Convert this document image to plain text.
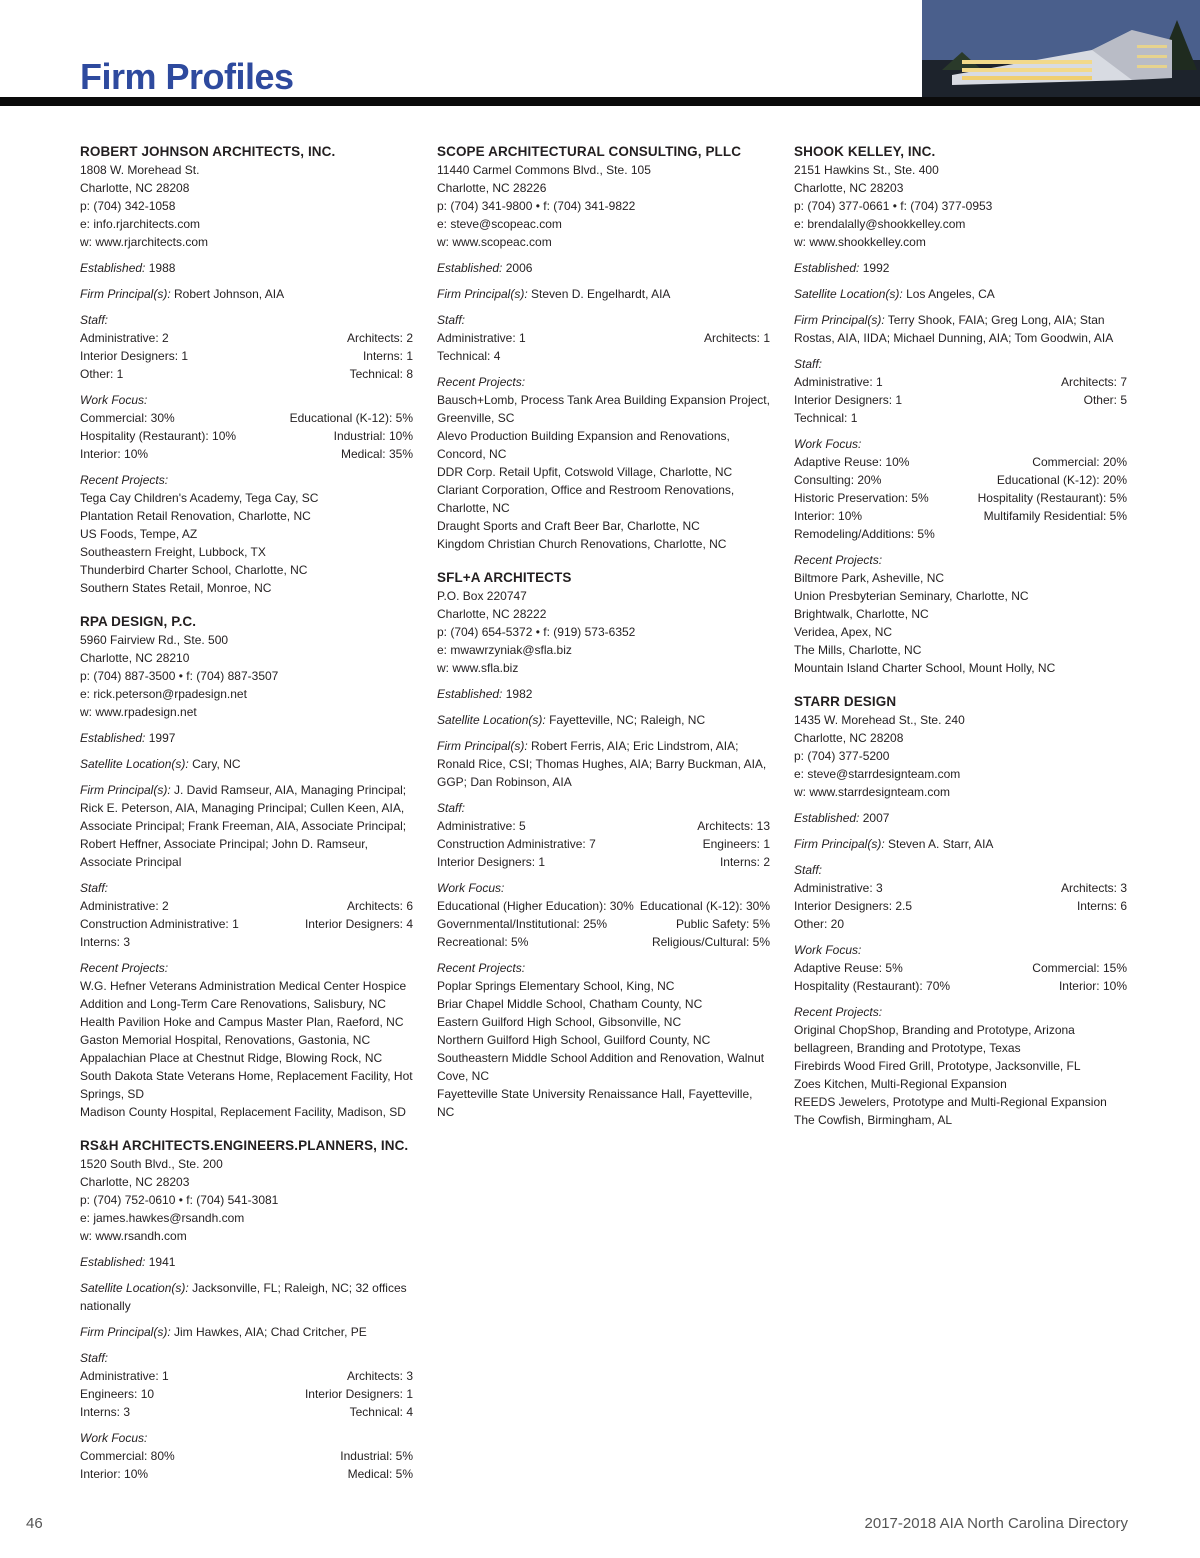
Firm Profiles
ROBERT JOHNSON ARCHITECTS, INC.
1808 W. Morehead St.
Charlotte, NC 28208
p: (704) 342-1058
e: info.rjarchitects.com
w: www.rjarchitects.com
Established: 1988
Firm Principal(s): Robert Johnson, AIA
Staff:
Administrative: 2	Architects: 2
Interior Designers: 1	Interns: 1
Other: 1	Technical: 8
Work Focus:
Commercial: 30%	Educational (K-12): 5%
Hospitality (Restaurant): 10%	Industrial: 10%
Interior: 10%	Medical: 35%
Recent Projects:
Tega Cay Children's Academy, Tega Cay, SC
Plantation Retail Renovation, Charlotte, NC
US Foods, Tempe, AZ
Southeastern Freight, Lubbock, TX
Thunderbird Charter School, Charlotte, NC
Southern States Retail, Monroe, NC
RPA DESIGN, P.C.
5960 Fairview Rd., Ste. 500
Charlotte, NC 28210
p: (704) 887-3500 • f: (704) 887-3507
e: rick.peterson@rpadesign.net
w: www.rpadesign.net
Established: 1997
Satellite Location(s): Cary, NC
Firm Principal(s): J. David Ramseur, AIA, Managing Principal; Rick E. Peterson, AIA, Managing Principal; Cullen Keen, AIA, Associate Principal; Frank Freeman, AIA, Associate Principal; Robert Heffner, Associate Principal; John D. Ramseur, Associate Principal
Staff:
Administrative: 2	Architects: 6
Construction Administrative: 1	Interior Designers: 4
Interns: 3
Recent Projects:
W.G. Hefner Veterans Administration Medical Center Hospice Addition and Long-Term Care Renovations, Salisbury, NC
Health Pavilion Hoke and Campus Master Plan, Raeford, NC
Gaston Memorial Hospital, Renovations, Gastonia, NC
Appalachian Place at Chestnut Ridge, Blowing Rock, NC
South Dakota State Veterans Home, Replacement Facility, Hot Springs, SD
Madison County Hospital, Replacement Facility, Madison, SD
RS&H ARCHITECTS.ENGINEERS.PLANNERS, INC.
1520 South Blvd., Ste. 200
Charlotte, NC 28203
p: (704) 752-0610 • f: (704) 541-3081
e: james.hawkes@rsandh.com
w: www.rsandh.com
Established: 1941
Satellite Location(s): Jacksonville, FL; Raleigh, NC; 32 offices nationally
Firm Principal(s): Jim Hawkes, AIA; Chad Critcher, PE
Staff:
Administrative: 1	Architects: 3
Engineers: 10	Interior Designers: 1
Interns: 3	Technical: 4
Work Focus:
Commercial: 80%	Industrial: 5%
Interior: 10%	Medical: 5%
SCOPE ARCHITECTURAL CONSULTING, PLLC
11440 Carmel Commons Blvd., Ste. 105
Charlotte, NC 28226
p: (704) 341-9800 • f: (704) 341-9822
e: steve@scopeac.com
w: www.scopeac.com
Established: 2006
Firm Principal(s): Steven D. Engelhardt, AIA
Staff:
Administrative: 1	Architects: 1
Technical: 4
Recent Projects:
Bausch+Lomb, Process Tank Area Building Expansion Project, Greenville, SC
Alevo Production Building Expansion and Renovations, Concord, NC
DDR Corp. Retail Upfit, Cotswold Village, Charlotte, NC
Clariant Corporation, Office and Restroom Renovations, Charlotte, NC
Draught Sports and Craft Beer Bar, Charlotte, NC
Kingdom Christian Church Renovations, Charlotte, NC
SFL+A ARCHITECTS
P.O. Box 220747
Charlotte, NC 28222
p: (704) 654-5372 • f: (919) 573-6352
e: mwawrzyniak@sfla.biz
w: www.sfla.biz
Established: 1982
Satellite Location(s): Fayetteville, NC; Raleigh, NC
Firm Principal(s): Robert Ferris, AIA; Eric Lindstrom, AIA; Ronald Rice, CSI; Thomas Hughes, AIA; Barry Buckman, AIA, GGP; Dan Robinson, AIA
Staff:
Administrative: 5	Architects: 13
Construction Administrative: 7	Engineers: 1
Interior Designers: 1	Interns: 2
Work Focus:
Educational (Higher Education): 30% Educational (K-12): 30%
Governmental/Institutional: 25%	Public Safety: 5%
Recreational: 5%	Religious/Cultural: 5%
Recent Projects:
Poplar Springs Elementary School, King, NC
Briar Chapel Middle School, Chatham County, NC
Eastern Guilford High School, Gibsonville, NC
Northern Guilford High School, Guilford County, NC
Southeastern Middle School Addition and Renovation, Walnut Cove, NC
Fayetteville State University Renaissance Hall, Fayetteville, NC
SHOOK KELLEY, INC.
2151 Hawkins St., Ste. 400
Charlotte, NC 28203
p: (704) 377-0661 • f: (704) 377-0953
e: brendalally@shookkelley.com
w: www.shookkelley.com
Established: 1992
Satellite Location(s): Los Angeles, CA
Firm Principal(s): Terry Shook, FAIA; Greg Long, AIA; Stan Rostas, AIA, IIDA; Michael Dunning, AIA; Tom Goodwin, AIA
Staff:
Administrative: 1	Architects: 7
Interior Designers: 1	Other: 5
Technical: 1
Work Focus:
Adaptive Reuse: 10%	Commercial: 20%
Consulting: 20%	Educational (K-12): 20%
Historic Preservation: 5%	Hospitality (Restaurant): 5%
Interior: 10%	Multifamily Residential: 5%
Remodeling/Additions: 5%
Recent Projects:
Biltmore Park, Asheville, NC
Union Presbyterian Seminary, Charlotte, NC
Brightwalk, Charlotte, NC
Veridea, Apex, NC
The Mills, Charlotte, NC
Mountain Island Charter School, Mount Holly, NC
STARR DESIGN
1435 W. Morehead St., Ste. 240
Charlotte, NC 28208
p: (704) 377-5200
e: steve@starrdesignteam.com
w: www.starrdesignteam.com
Established: 2007
Firm Principal(s): Steven A. Starr, AIA
Staff:
Administrative: 3	Architects: 3
Interior Designers: 2.5	Interns: 6
Other: 20
Work Focus:
Adaptive Reuse: 5%	Commercial: 15%
Hospitality (Restaurant): 70%	Interior: 10%
Recent Projects:
Original ChopShop, Branding and Prototype, Arizona
bellagreen, Branding and Prototype, Texas
Firebirds Wood Fired Grill, Prototype, Jacksonville, FL
Zoes Kitchen, Multi-Regional Expansion
REEDS Jewelers, Prototype and Multi-Regional Expansion
The Cowfish, Birmingham, AL
46	2017-2018 AIA North Carolina Directory
